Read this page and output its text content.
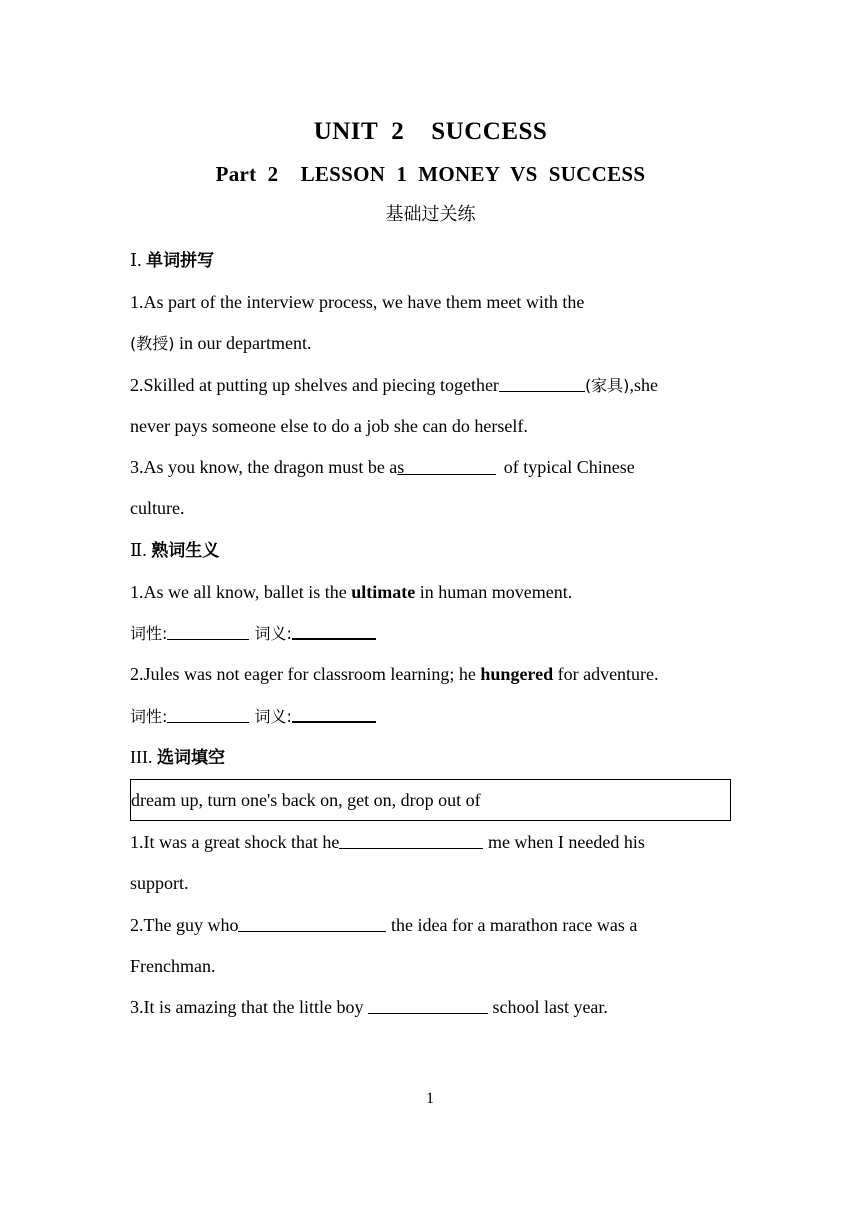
UNIT  2    SUCCESS
Part  2    LESSON  1  MONEY  VS  SUCCESS
基础过关练
Ⅰ. 单词拼写
1.As part of the interview process, we have them meet with the
(教授) in our department.
2.Skilled at putting up shelves and piecing together	(家具),she
never pays someone else to do a job she can do herself.
3.As you know, the dragon must be as	of typical Chinese
culture.
Ⅱ. 熟词生义
1.As we all know, ballet is the ultimate in human movement.
词性:	词义:
2.Jules was not eager for classroom learning; he hungered for adventure.
词性:	词义:
III. 选词填空
dream up, turn one's back on, get on, drop out of
1.It was a great shock that he	me when I needed his
support.
2.The guy who	the idea for a marathon race was a
Frenchman.
3.It is amazing that the little boy	school last year.
1
